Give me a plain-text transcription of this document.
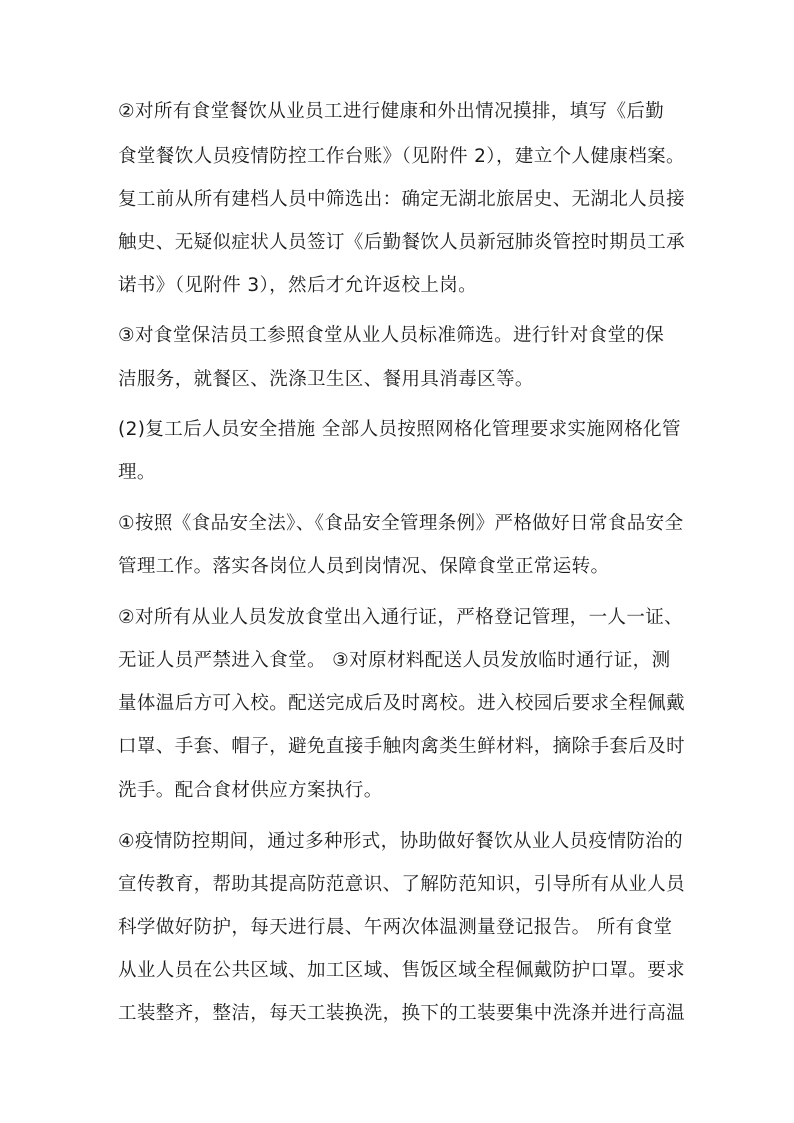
②对所有食堂餐饮从业员工进行健康和外出情况摸排，填写《后勤
食堂餐饮人员疫情防控工作台账》（见附件 2），建立个人健康档案。
复工前从所有建档人员中筛选出：确定无湖北旅居史、无湖北人员接
触史、无疑似症状人员签订《后勤餐饮人员新冠肺炎管控时期员工承
诺书》（见附件 3），然后才允许返校上岗。
③对食堂保洁员工参照食堂从业人员标准筛选。进行针对食堂的保
洁服务，就餐区、洗涤卫生区、餐用具消毒区等。
(2)复工后人员安全措施 全部人员按照网格化管理要求实施网格化管
理。
①按照《食品安全法》、《食品安全管理条例》严格做好日常食品安全
管理工作。落实各岗位人员到岗情况、保障食堂正常运转。
②对所有从业人员发放食堂出入通行证，严格登记管理，一人一证、
无证人员严禁进入食堂。 ③对原材料配送人员发放临时通行证，测
量体温后方可入校。配送完成后及时离校。进入校园后要求全程佩戴
口罩、手套、帽子，避免直接手触肉禽类生鲜材料，摘除手套后及时
洗手。配合食材供应方案执行。
④疫情防控期间，通过多种形式，协助做好餐饮从业人员疫情防治的
宣传教育，帮助其提高防范意识、了解防范知识，引导所有从业人员
科学做好防护，每天进行晨、午两次体温测量登记报告。 所有食堂
从业人员在公共区域、加工区域、售饭区域全程佩戴防护口罩。要求
工装整齐，整洁，每天工装换洗，换下的工装要集中洗涤并进行高温
